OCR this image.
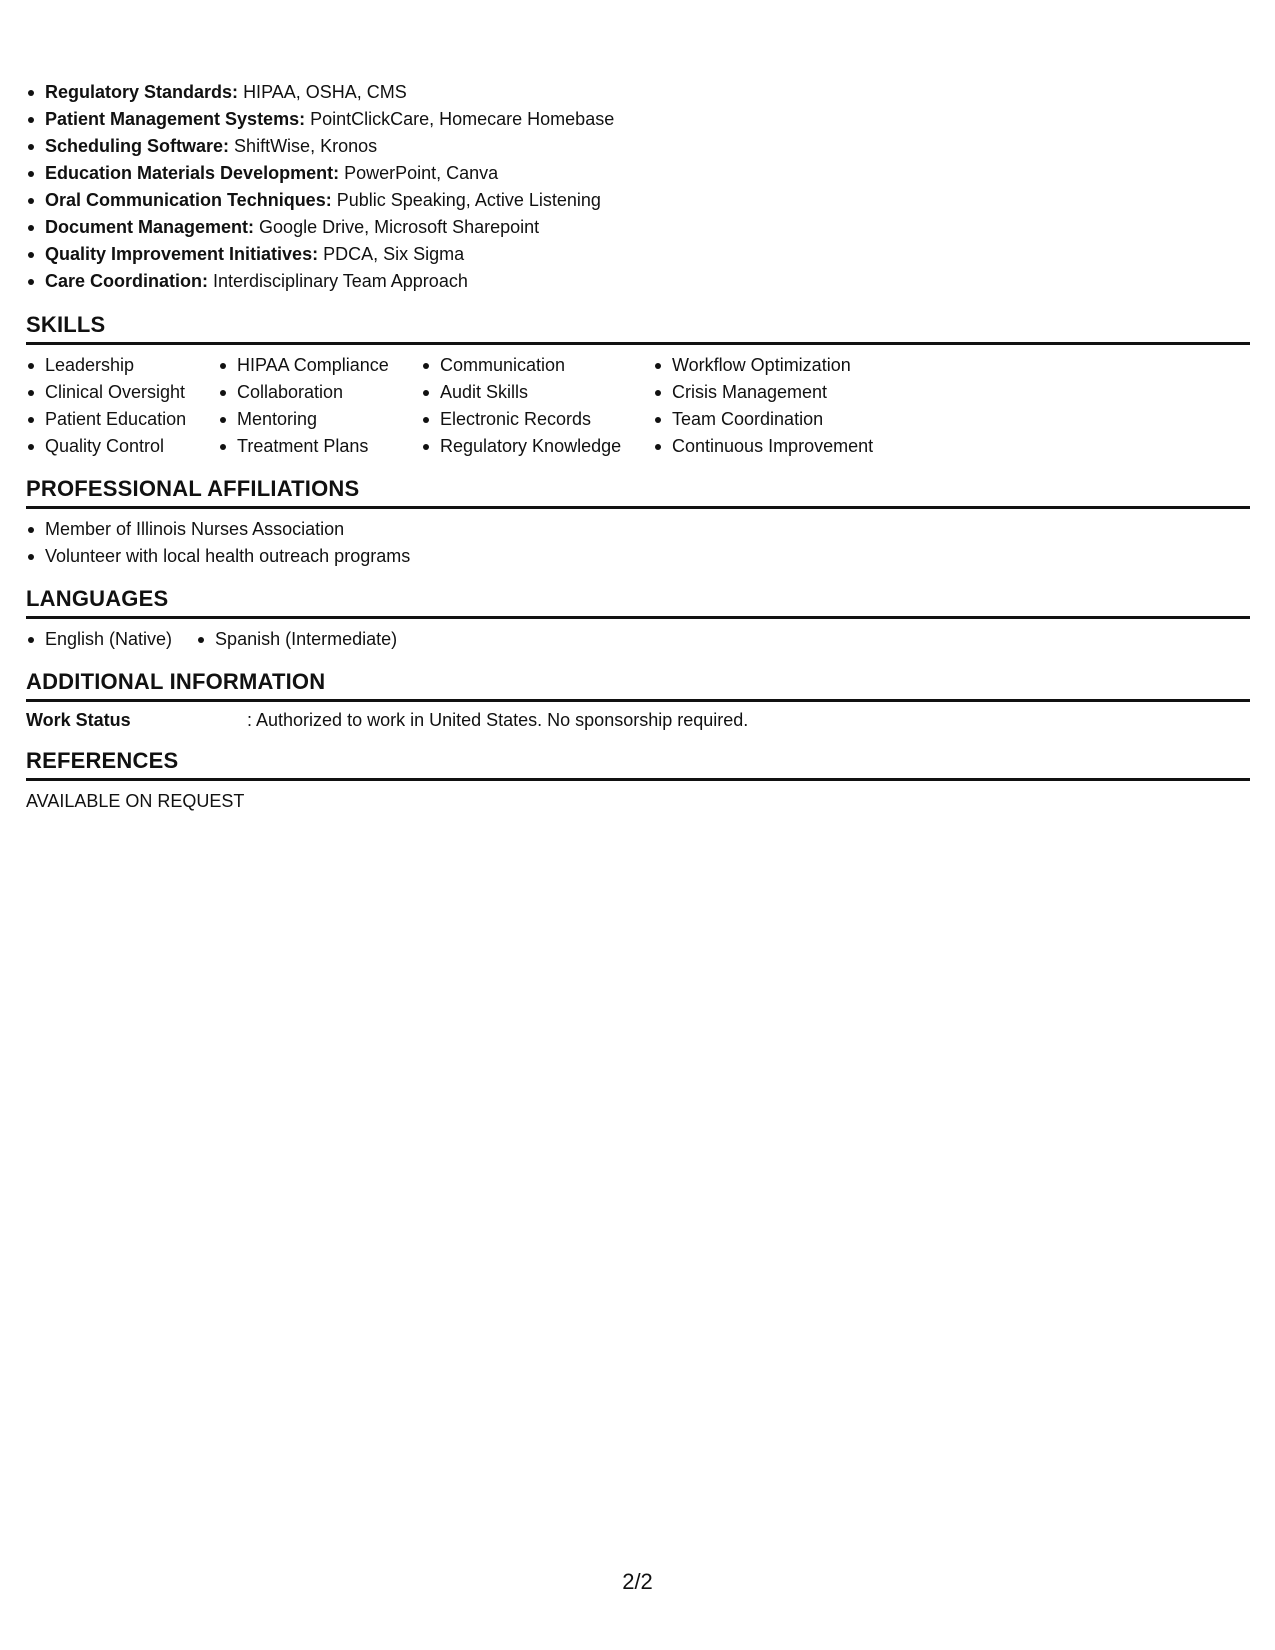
Regulatory Standards: HIPAA, OSHA, CMS
Patient Management Systems: PointClickCare, Homecare Homebase
Scheduling Software: ShiftWise, Kronos
Education Materials Development: PowerPoint, Canva
Oral Communication Techniques: Public Speaking, Active Listening
Document Management: Google Drive, Microsoft Sharepoint
Quality Improvement Initiatives: PDCA, Six Sigma
Care Coordination: Interdisciplinary Team Approach
SKILLS
Leadership
Clinical Oversight
Patient Education
Quality Control
HIPAA Compliance
Collaboration
Mentoring
Treatment Plans
Communication
Audit Skills
Electronic Records
Regulatory Knowledge
Workflow Optimization
Crisis Management
Team Coordination
Continuous Improvement
PROFESSIONAL AFFILIATIONS
Member of Illinois Nurses Association
Volunteer with local health outreach programs
LANGUAGES
English (Native)	Spanish (Intermediate)
ADDITIONAL INFORMATION
Work Status	: Authorized to work in United States. No sponsorship required.
REFERENCES
AVAILABLE ON REQUEST
2/2
